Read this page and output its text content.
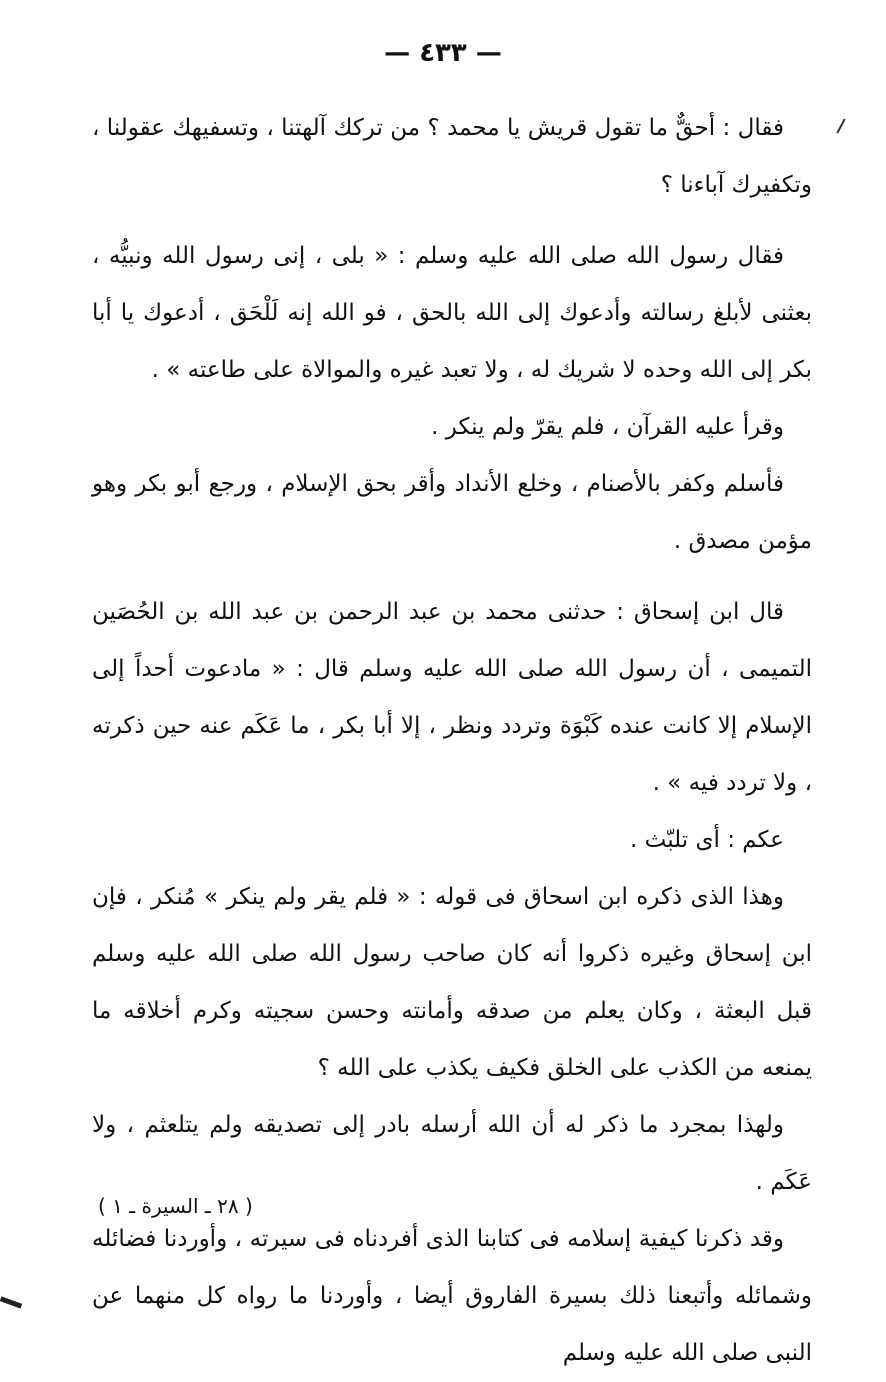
— ٤٣٣ —

فقال : أحقٌّ ما تقول قريش يا محمد ؟ من تركك آلهتنا ، وتسفيهك عقولنا ، وتكفيرك آباءنا ؟

فقال رسول الله صلى الله عليه وسلم : « بلى ، إنى رسول الله ونبيُّه ، بعثنى لأبلغ رسالته وأدعوك إلى الله بالحق ، فو الله إنه لَلْحَق ، أدعوك يا أبا بكر إلى الله وحده لا شريك له ، ولا تعبد غيره والموالاة على طاعته » .

وقرأ عليه القرآن ، فلم يقرّ ولم ينكر .

فأسلم وكفر بالأصنام ، وخلع الأنداد وأقر بحق الإسلام ، ورجع أبو بكر وهو مؤمن مصدق .

قال ابن إسحاق : حدثنى محمد بن عبد الرحمن بن عبد الله بن الحُصَين التميمى ، أن رسول الله صلى الله عليه وسلم قال : « مادعوت أحداً إلى الإسلام إلا كانت عنده كَبْوَة وتردد ونظر ، إلا أبا بكر ، ما عَكَم عنه حين ذكرته ، ولا تردد فيه » .

عكم : أى تلبّث .

وهذا الذى ذكره ابن اسحاق فى قوله : « فلم يقر ولم ينكر » مُنكر ، فإن ابن إسحاق وغيره ذكروا أنه كان صاحب رسول الله صلى الله عليه وسلم قبل البعثة ، وكان يعلم من صدقه وأمانته وحسن سجيته وكرم أخلاقه ما يمنعه من الكذب على الخلق فكيف يكذب على الله ؟

ولهذا بمجرد ما ذكر له أن الله أرسله بادر إلى تصديقه ولم يتلعثم ، ولا عَكَم .

وقد ذكرنا كيفية إسلامه فى كتابنا الذى أفردناه فى سيرته ، وأوردنا فضائله وشمائله وأتبعنا ذلك بسيرة الفاروق أيضا ، وأوردنا ما رواه كل منهما عن النبى صلى الله عليه وسلم

( ٢٨ ـ السيرة ـ ١ )
